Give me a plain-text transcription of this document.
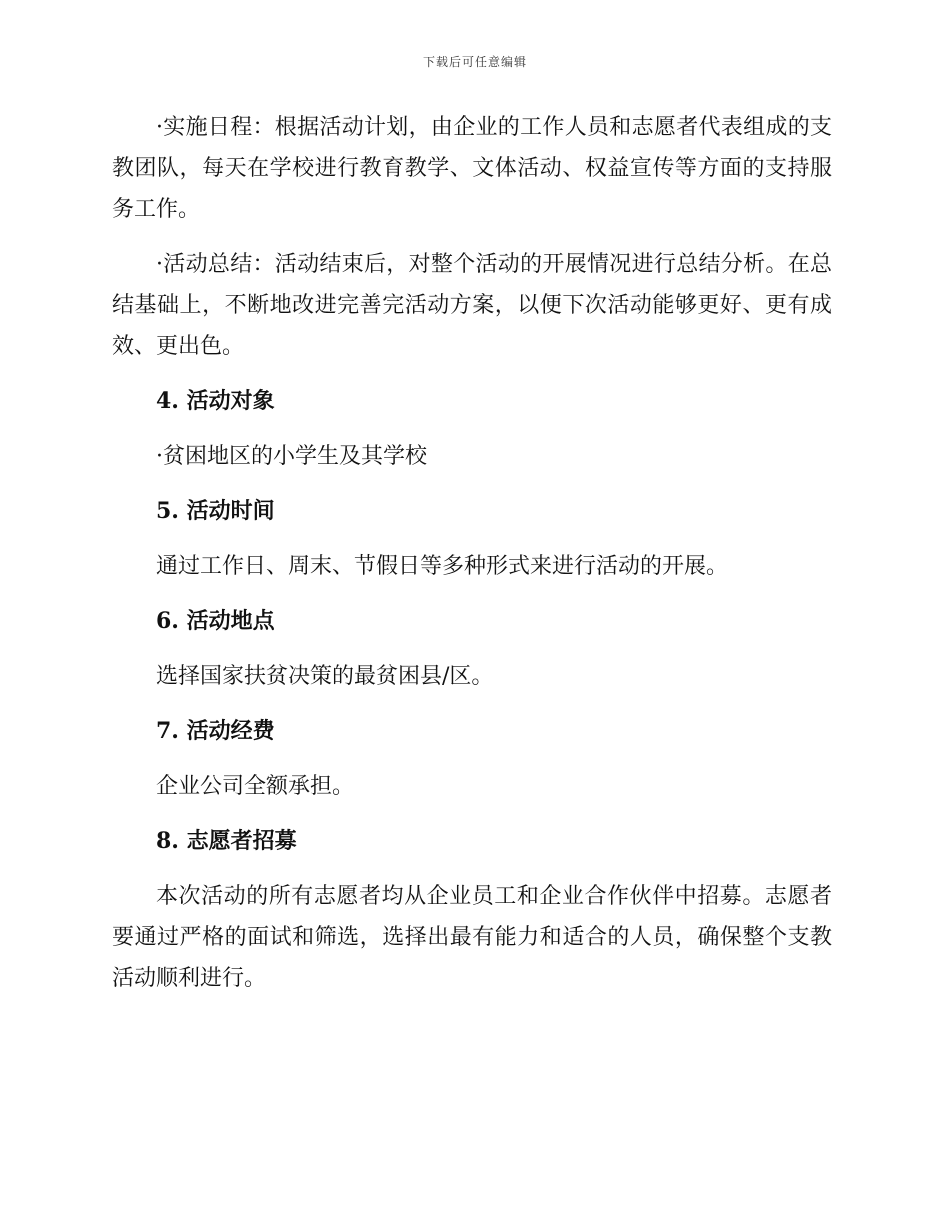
下载后可任意编辑

·实施日程：根据活动计划，由企业的工作人员和志愿者代表组成的支教团队，每天在学校进行教育教学、文体活动、权益宣传等方面的支持服务工作。

·活动总结：活动结束后，对整个活动的开展情况进行总结分析。在总结基础上，不断地改进完善完活动方案，以便下次活动能够更好、更有成效、更出色。

4. 活动对象

·贫困地区的小学生及其学校

5. 活动时间

通过工作日、周末、节假日等多种形式来进行活动的开展。

6. 活动地点

选择国家扶贫决策的最贫困县/区。

7. 活动经费

企业公司全额承担。

8. 志愿者招募

本次活动的所有志愿者均从企业员工和企业合作伙伴中招募。志愿者要通过严格的面试和筛选，选择出最有能力和适合的人员，确保整个支教活动顺利进行。
